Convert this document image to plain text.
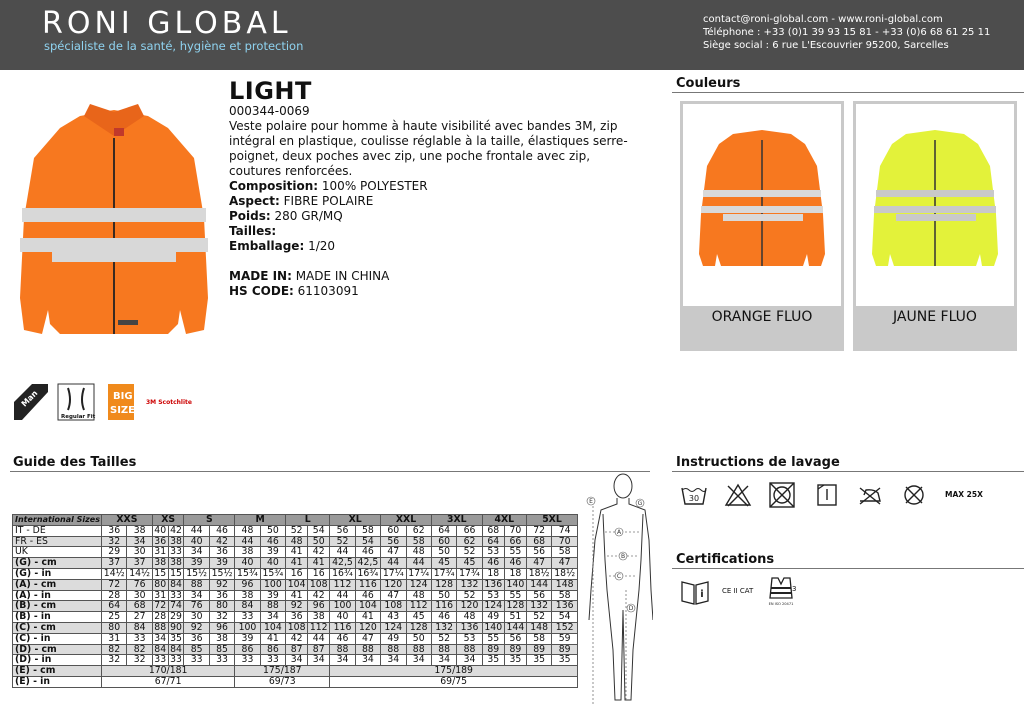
RONI GLOBAL
spécialiste de la santé, hygiène et protection
contact@roni-global.com - www.roni-global.com
Téléphone : +33 (0)1 39 93 15 81 - +33 (0)6 68 61 25 11
Siège social : 6 rue L'Escouvrier 95200, Sarcelles
Man
Regular Fit
BIG
SIZE
3M Scotchlite
LIGHT
000344-0069
Veste polaire pour homme à haute visibilité avec bandes 3M, zip intégral en plastique, coulisse réglable à la taille, élastiques serre-poignet, deux poches avec zip, une poche frontale avec zip, coutures renforcées.
Composition: 100% POLYESTER
Aspect: FIBRE POLAIRE
Poids: 280 GR/MQ
Tailles:
Emballage: 1/20
MADE IN: MADE IN CHINA
HS CODE: 61103091
Couleurs
ORANGE FLUO	JAUNE FLUO
Guide des Tailles
International Sizes	XXS		XS		S		M		L		XL		XXL		3XL		4XL		5XL	
IT - DE	36	38	40	42	44	46	48	50	52	54	56	58	60	62	64	66	68	70	72	74
FR - ES	32	34	36	38	40	42	44	46	48	50	52	54	56	58	60	62	64	66	68	70
UK	29	30	31	33	34	36	38	39	41	42	44	46	47	48	50	52	53	55	56	58
(G) - cm	37	37	38	38	39	39	40	40	41	41	42,5	42,5	44	44	45	45	46	46	47	47
(G) - in	14½	14½	15	15	15½	15½	15¾	15¾	16	16	16¾	16¾	17¼	17¼	17¾	17¾	18	18	18½	18½
(A) - cm	72	76	80	84	88	92	96	100	104	108	112	116	120	124	128	132	136	140	144	148
(A) - in	28	30	31	33	34	36	38	39	41	42	44	46	47	48	50	52	53	55	56	58
(B) - cm	64	68	72	74	76	80	84	88	92	96	100	104	108	112	116	120	124	128	132	136
(B) - in	25	27	28	29	30	32	33	34	36	38	40	41	43	45	46	48	49	51	52	54
(C) - cm	80	84	88	90	92	96	100	104	108	112	116	120	124	128	132	136	140	144	148	152
(C) - in	31	33	34	35	36	38	39	41	42	44	46	47	49	50	52	53	55	56	58	59
(D) - cm	82	82	84	84	85	85	86	86	87	87	88	88	88	88	88	88	89	89	89	89
(D) - in	32	32	33	33	33	33	33	33	34	34	34	34	34	34	34	34	35	35	35	35
(E) - cm	170/181						175/187				175/189									
(E) - in	67/71						69/73				69/75									
E	G
A
B
C
D
Instructions de lavage
30	MAX 25X
Certifications
i	CE II CAT
EN ISO 20471
3
